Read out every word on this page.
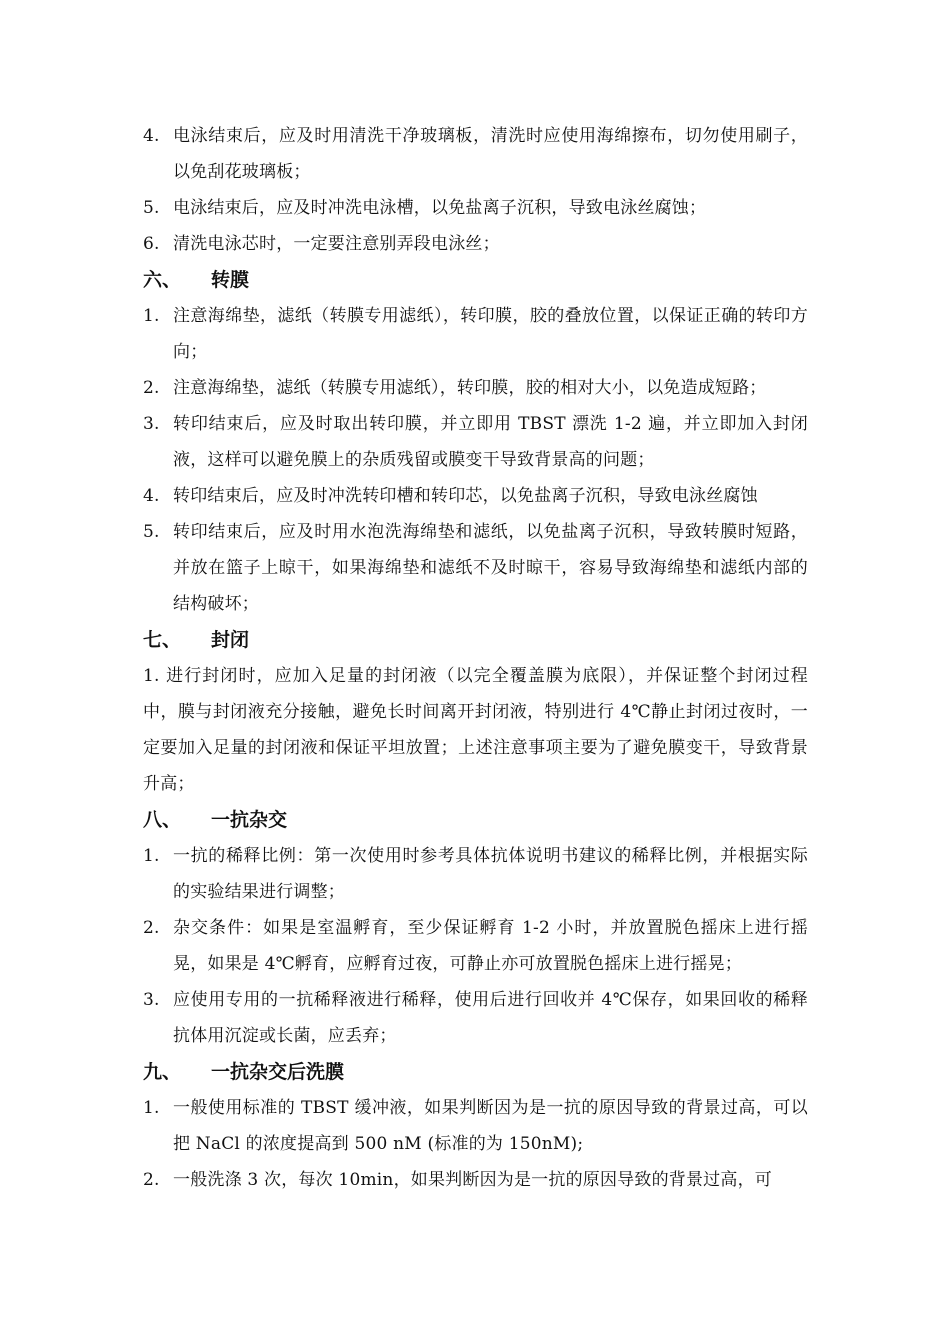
4. 电泳结束后，应及时用清洗干净玻璃板，清洗时应使用海绵擦布，切勿使用刷子，以免刮花玻璃板；
5. 电泳结束后，应及时冲洗电泳槽，以免盐离子沉积，导致电泳丝腐蚀；
6. 清洗电泳芯时，一定要注意别弄段电泳丝；
六、	转膜
1. 注意海绵垫，滤纸（转膜专用滤纸），转印膜，胶的叠放位置，以保证正确的转印方向；
2. 注意海绵垫，滤纸（转膜专用滤纸），转印膜，胶的相对大小，以免造成短路；
3. 转印结束后，应及时取出转印膜，并立即用 TBST 漂洗 1-2 遍，并立即加入封闭液，这样可以避免膜上的杂质残留或膜变干导致背景高的问题；
4. 转印结束后，应及时冲洗转印槽和转印芯，以免盐离子沉积，导致电泳丝腐蚀
5. 转印结束后，应及时用水泡洗海绵垫和滤纸，以免盐离子沉积，导致转膜时短路，并放在篮子上晾干，如果海绵垫和滤纸不及时晾干，容易导致海绵垫和滤纸内部的结构破坏；
七、	封闭
1. 进行封闭时，应加入足量的封闭液（以完全覆盖膜为底限），并保证整个封闭过程中，膜与封闭液充分接触，避免长时间离开封闭液，特别进行 4℃静止封闭过夜时，一定要加入足量的封闭液和保证平坦放置；上述注意事项主要为了避免膜变干，导致背景升高；
八、	一抗杂交
1. 一抗的稀释比例：第一次使用时参考具体抗体说明书建议的稀释比例，并根据实际的实验结果进行调整；
2. 杂交条件：如果是室温孵育，至少保证孵育 1-2 小时，并放置脱色摇床上进行摇晃，如果是 4℃孵育，应孵育过夜，可静止亦可放置脱色摇床上进行摇晃；
3. 应使用专用的一抗稀释液进行稀释，使用后进行回收并 4℃保存，如果回收的稀释抗体用沉淀或长菌，应丢弃；
九、	一抗杂交后洗膜
1. 一般使用标准的 TBST 缓冲液，如果判断因为是一抗的原因导致的背景过高，可以把 NaCl 的浓度提高到 500 nM (标准的为 150nM);
2. 一般洗涤 3 次，每次 10min，如果判断因为是一抗的原因导致的背景过高，可
